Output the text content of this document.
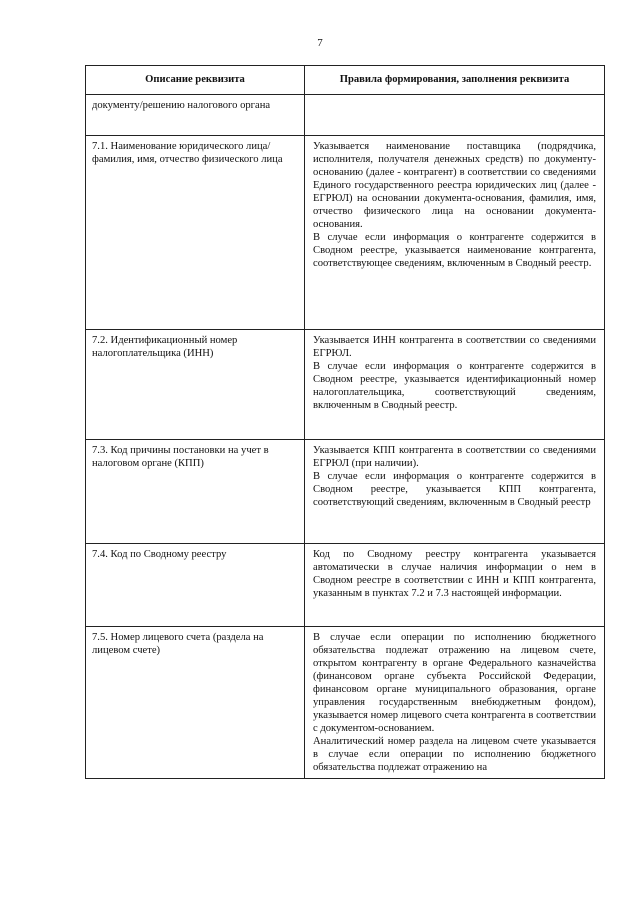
7
Описание реквизита	Правила формирования, заполнения реквизита
документу/решению налогового органа	
7.1. Наименование юридического лица/фамилия, имя, отчество физического лица	Указывается наименование поставщика (подрядчика, исполнителя, получателя денежных средств) по документу-основанию (далее - контрагент) в соответствии со сведениями Единого государственного реестра юридических лиц (далее - ЕГРЮЛ) на основании документа-основания, фамилия, имя, отчество физического лица на основании документа-основания.

В случае если информация о контрагенте содержится в Сводном реестре, указывается наименование контрагента, соответствующее сведениям, включенным в Сводный реестр.

7.2. Идентификационный номер налогоплательщика (ИНН)	Указывается ИНН контрагента в соответствии со сведениями ЕГРЮЛ.

В случае если информация о контрагенте содержится в Сводном реестре, указывается идентификационный номер налогоплательщика, соответствующий сведениям, включенным в Сводный реестр.

7.3. Код причины постановки на учет в налоговом органе (КПП)	Указывается КПП контрагента в соответствии со сведениями ЕГРЮЛ (при наличии).

В случае если информация о контрагенте содержится в Сводном реестре, указывается КПП контрагента, соответствующий сведениям, включенным в Сводный реестр

7.4. Код по Сводному реестру	Код по Сводному реестру контрагента указывается автоматически в случае наличия информации о нем в Сводном реестре в соответствии с ИНН и КПП контрагента, указанным в пунктах 7.2 и 7.3 настоящей информации.

7.5. Номер лицевого счета (раздела на лицевом счете)	В случае если операции по исполнению бюджетного обязательства подлежат отражению на лицевом счете, открытом контрагенту в органе Федерального казначейства (финансовом органе субъекта Российской Федерации, финансовом органе муниципального образования, органе управления государственным внебюджетным фондом), указывается номер лицевого счета контрагента в соответствии с документом-основанием.

Аналитический номер раздела на лицевом счете указывается в случае если операции по исполнению бюджетного обязательства подлежат отражению на
